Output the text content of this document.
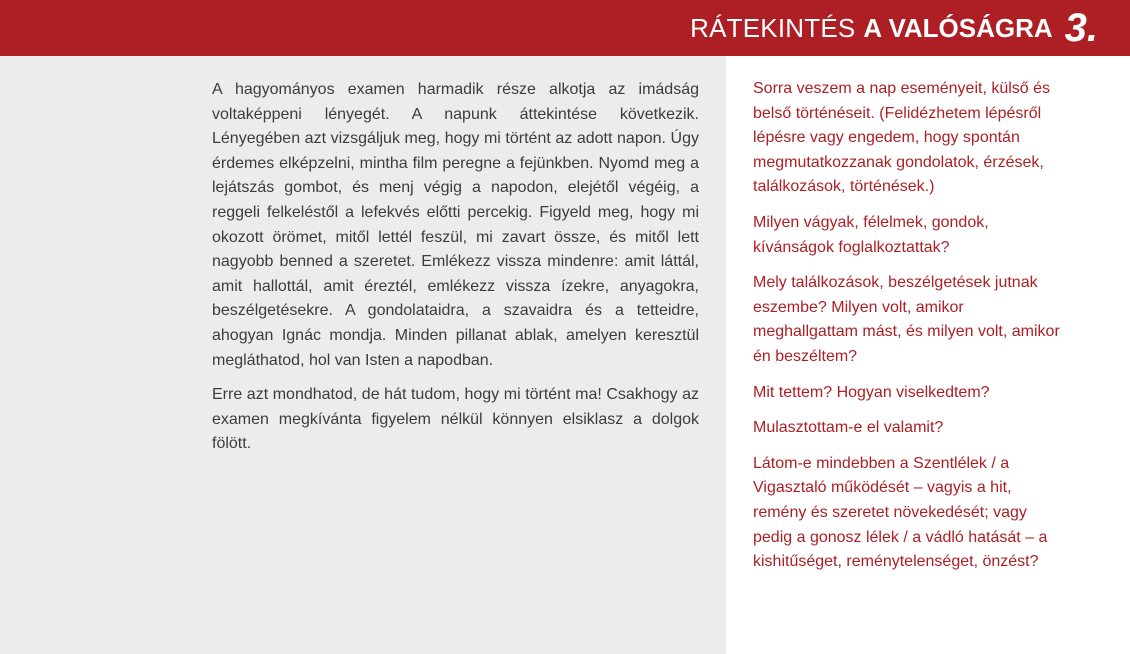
RÁTEKINTÉS A VALÓSÁGRA 3.

A hagyományos examen harmadik része alkotja az imádság voltaképpeni lényegét. A napunk áttekintése következik. Lényegében azt vizsgáljuk meg, hogy mi történt az adott napon. Úgy érdemes elképzelni, mintha film peregne a fejünkben. Nyomd meg a lejátszás gombot, és menj végig a napodon, elejétől végéig, a reggeli felkeléstől a lefekvés előtti percekig. Figyeld meg, hogy mi okozott örömet, mitől lettél feszül, mi zavart össze, és mitől lett nagyobb benned a szeretet. Emlékezz vissza mindenre: amit láttál, amit hallottál, amit éreztél, emlékezz vissza ízekre, anyagokra, beszélgetésekre. A gondolataidra, a szavaidra és a tetteidre, ahogyan Ignác mondja. Minden pillanat ablak, amelyen keresztül megláthatod, hol van Isten a napodban.

Erre azt mondhatod, de hát tudom, hogy mi történt ma! Csakhogy az examen megkívánta figyelem nélkül könnyen elsiklasz a dolgok fölött.

Sorra veszem a nap eseményeit, külső és belső történéseit. (Felidézhetem lépésről lépésre vagy engedem, hogy spontán megmutatkozzanak gondolatok, érzések, találkozások, történések.)

Milyen vágyak, félelmek, gondok, kívánságok foglalkoztattak?

Mely találkozások, beszélgetések jutnak eszembe? Milyen volt, amikor meghallgattam mást, és milyen volt, amikor én beszéltem?

Mit tettem? Hogyan viselkedtem?

Mulasztottam-e el valamit?

Látom-e mindebben a Szentlélek / a Vigasztaló működését – vagyis a hit, remény és szeretet növekedését; vagy pedig a gonosz lélek / a vádló hatását – a kishitűséget, reménytelenséget, önzést?
